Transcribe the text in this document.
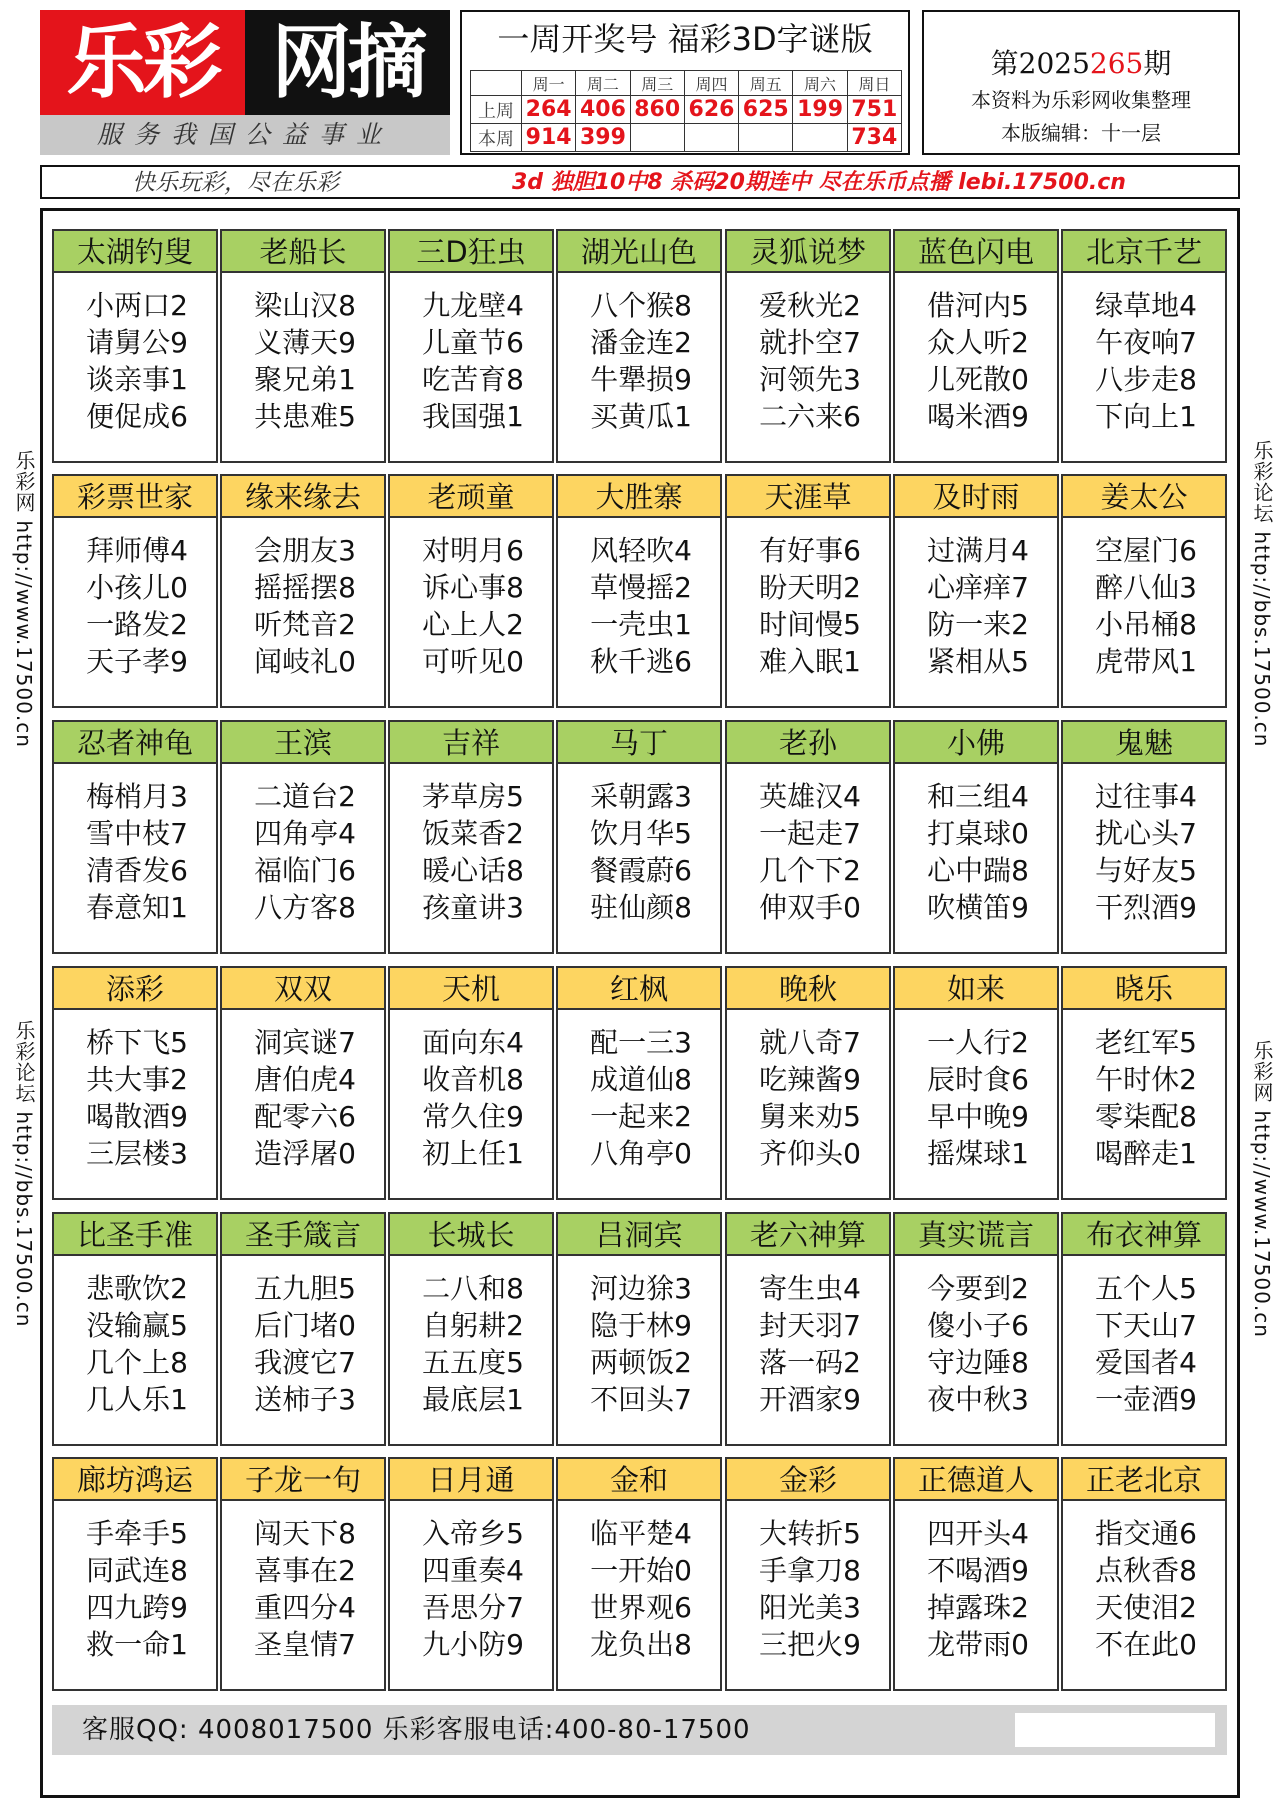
乐彩 网摘
服务我国公益事业
一周开奖号 福彩3D字谜版
	周一	周二	周三	周四	周五	周六	周日
上周	264	406	860	626	625	199	751
本周	914	399					734
第2025265期
本资料为乐彩网收集整理
本版编辑：十一层
快乐玩彩，尽在乐彩	3d 独胆10中8 杀码20期连中 尽在乐币点播 lebi.17500.cn
乐彩网 http://www.17500.cn
乐彩论坛 http://bbs.17500.cn
乐彩论坛 http://bbs.17500.cn
乐彩网 http://www.17500.cn
太湖钓叟
小两口2
请舅公9
谈亲事1
便促成6
老船长
梁山汉8
义薄天9
聚兄弟1
共患难5
三D狂虫
九龙壁4
儿童节6
吃苦育8
我国强1
湖光山色
八个猴8
潘金连2
牛犟损9
买黄瓜1
灵狐说梦
爱秋光2
就扑空7
河领先3
二六来6
蓝色闪电
借河内5
众人听2
儿死散0
喝米酒9
北京千艺
绿草地4
午夜响7
八步走8
下向上1
彩票世家
拜师傅4
小孩儿0
一路发2
天子孝9
缘来缘去
会朋友3
摇摇摆8
听梵音2
闻岐礼0
老顽童
对明月6
诉心事8
心上人2
可听见0
大胜寨
风轻吹4
草慢摇2
一壳虫1
秋千逃6
天涯草
有好事6
盼天明2
时间慢5
难入眠1
及时雨
过满月4
心痒痒7
防一来2
紧相从5
姜太公
空屋门6
醉八仙3
小吊桶8
虎带风1
忍者神龟
梅梢月3
雪中枝7
清香发6
春意知1
王滨
二道台2
四角亭4
福临门6
八方客8
吉祥
茅草房5
饭菜香2
暖心话8
孩童讲3
马丁
采朝露3
饮月华5
餐霞蔚6
驻仙颜8
老孙
英雄汉4
一起走7
几个下2
伸双手0
小佛
和三组4
打桌球0
心中踹8
吹横笛9
鬼魅
过往事4
扰心头7
与好友5
干烈酒9
添彩
桥下飞5
共大事2
喝散酒9
三层楼3
双双
洞宾谜7
唐伯虎4
配零六6
造浮屠0
天机
面向东4
收音机8
常久住9
初上任1
红枫
配一三3
成道仙8
一起来2
八角亭0
晚秋
就八奇7
吃辣酱9
舅来劝5
齐仰头0
如来
一人行2
辰时食6
早中晚9
摇煤球1
晓乐
老红军5
午时休2
零柒配8
喝醉走1
比圣手准
悲歌饮2
没输赢5
几个上8
几人乐1
圣手箴言
五九胆5
后门堵0
我渡它7
送柿子3
长城长
二八和8
自躬耕2
五五度5
最底层1
吕洞宾
河边狳3
隐于林9
两顿饭2
不回头7
老六神算
寄生虫4
封天羽7
落一码2
开酒家9
真实谎言
今要到2
傻小子6
守边陲8
夜中秋3
布衣神算
五个人5
下天山7
爱国者4
一壶酒9
廊坊鸿运
手牵手5
同武连8
四九跨9
救一命1
子龙一句
闯天下8
喜事在2
重四分4
圣皇情7
日月通
入帝乡5
四重奏4
吾思分7
九小防9
金和
临平楚4
一开始0
世界观6
龙负出8
金彩
大转折5
手拿刀8
阳光美3
三把火9
正德道人
四开头4
不喝酒9
掉露珠2
龙带雨0
正老北京
指交通6
点秋香8
天使泪2
不在此0
客服QQ: 4008017500 乐彩客服电话:400-80-17500
